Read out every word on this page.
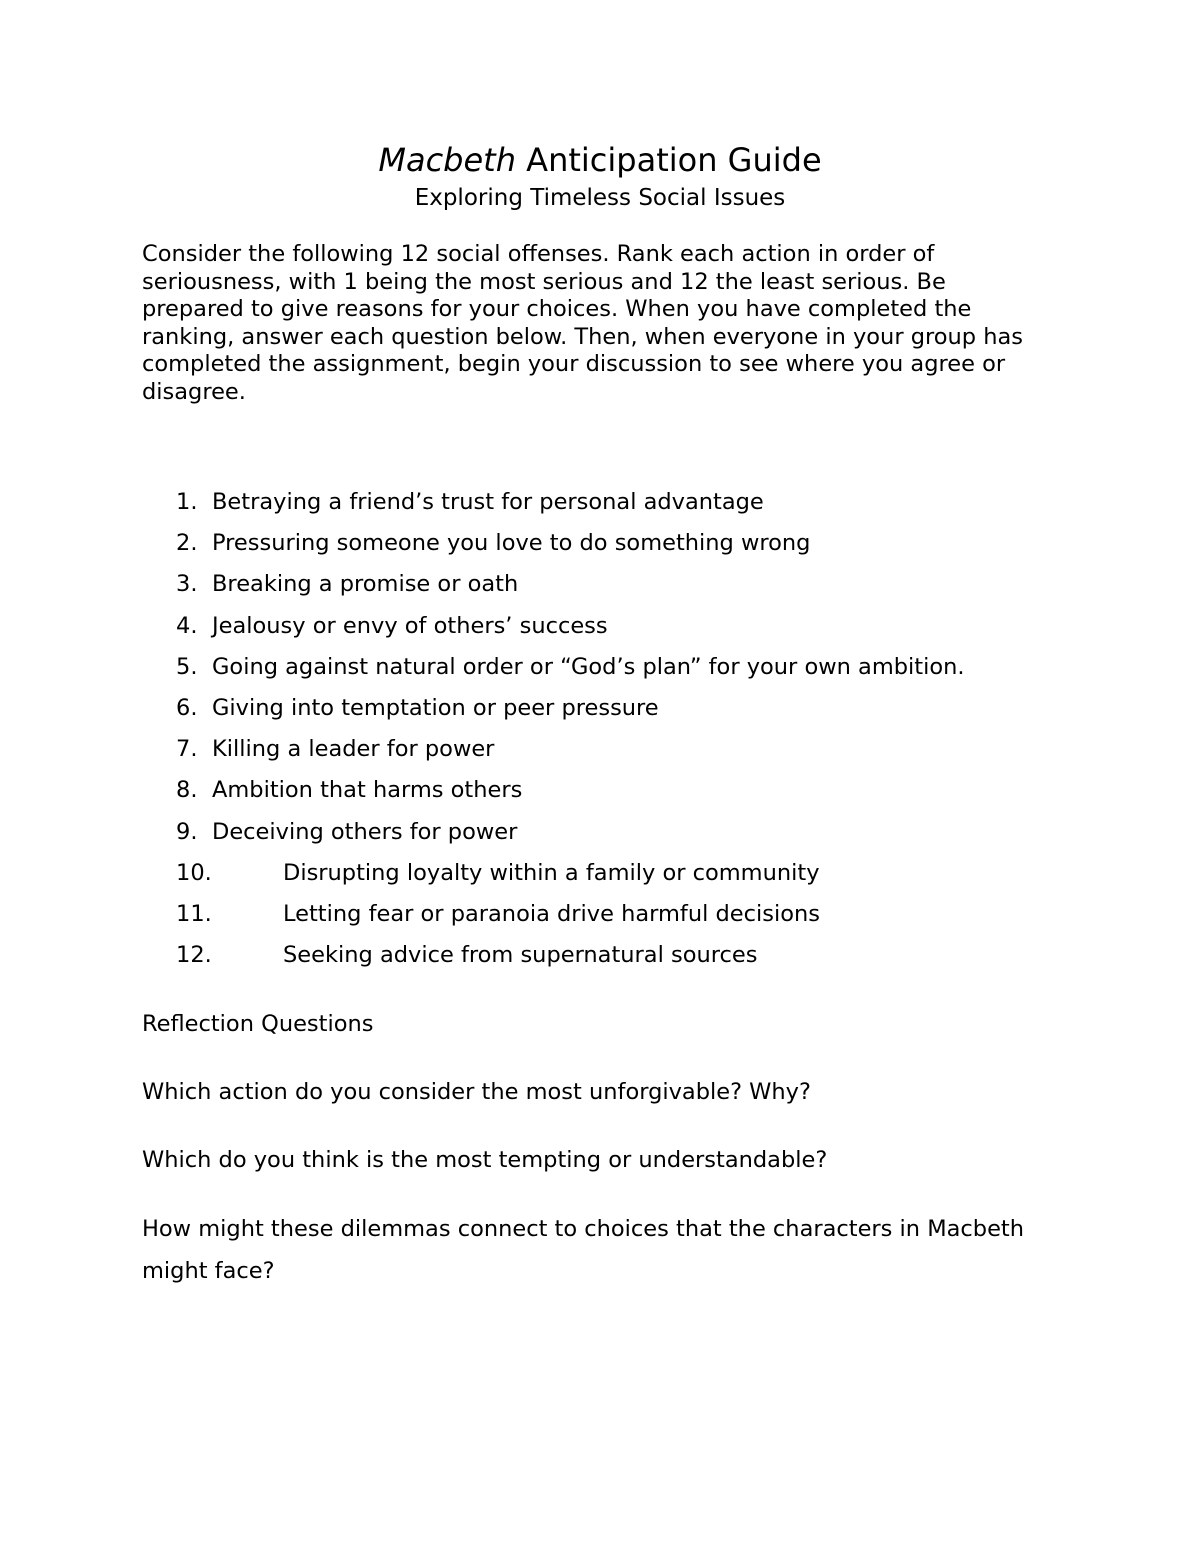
Macbeth Anticipation Guide
Exploring Timeless Social Issues

Consider the following 12 social offenses. Rank each action in order of seriousness, with 1 being the most serious and 12 the least serious. Be prepared to give reasons for your choices. When you have completed the ranking, answer each question below. Then, when everyone in your group has completed the assignment, begin your discussion to see where you agree or disagree.

1. Betraying a friend’s trust for personal advantage
2. Pressuring someone you love to do something wrong
3. Breaking a promise or oath
4. Jealousy or envy of others’ success
5. Going against natural order or “God’s plan” for your own ambition.
6. Giving into temptation or peer pressure
7. Killing a leader for power
8. Ambition that harms others
9. Deceiving others for power
10.	Disrupting loyalty within a family or community
11.	Letting fear or paranoia drive harmful decisions
12.	Seeking advice from supernatural sources
Reflection Questions

Which action do you consider the most unforgivable? Why?

Which do you think is the most tempting or understandable?

How might these dilemmas connect to choices that the characters in Macbeth might face?
